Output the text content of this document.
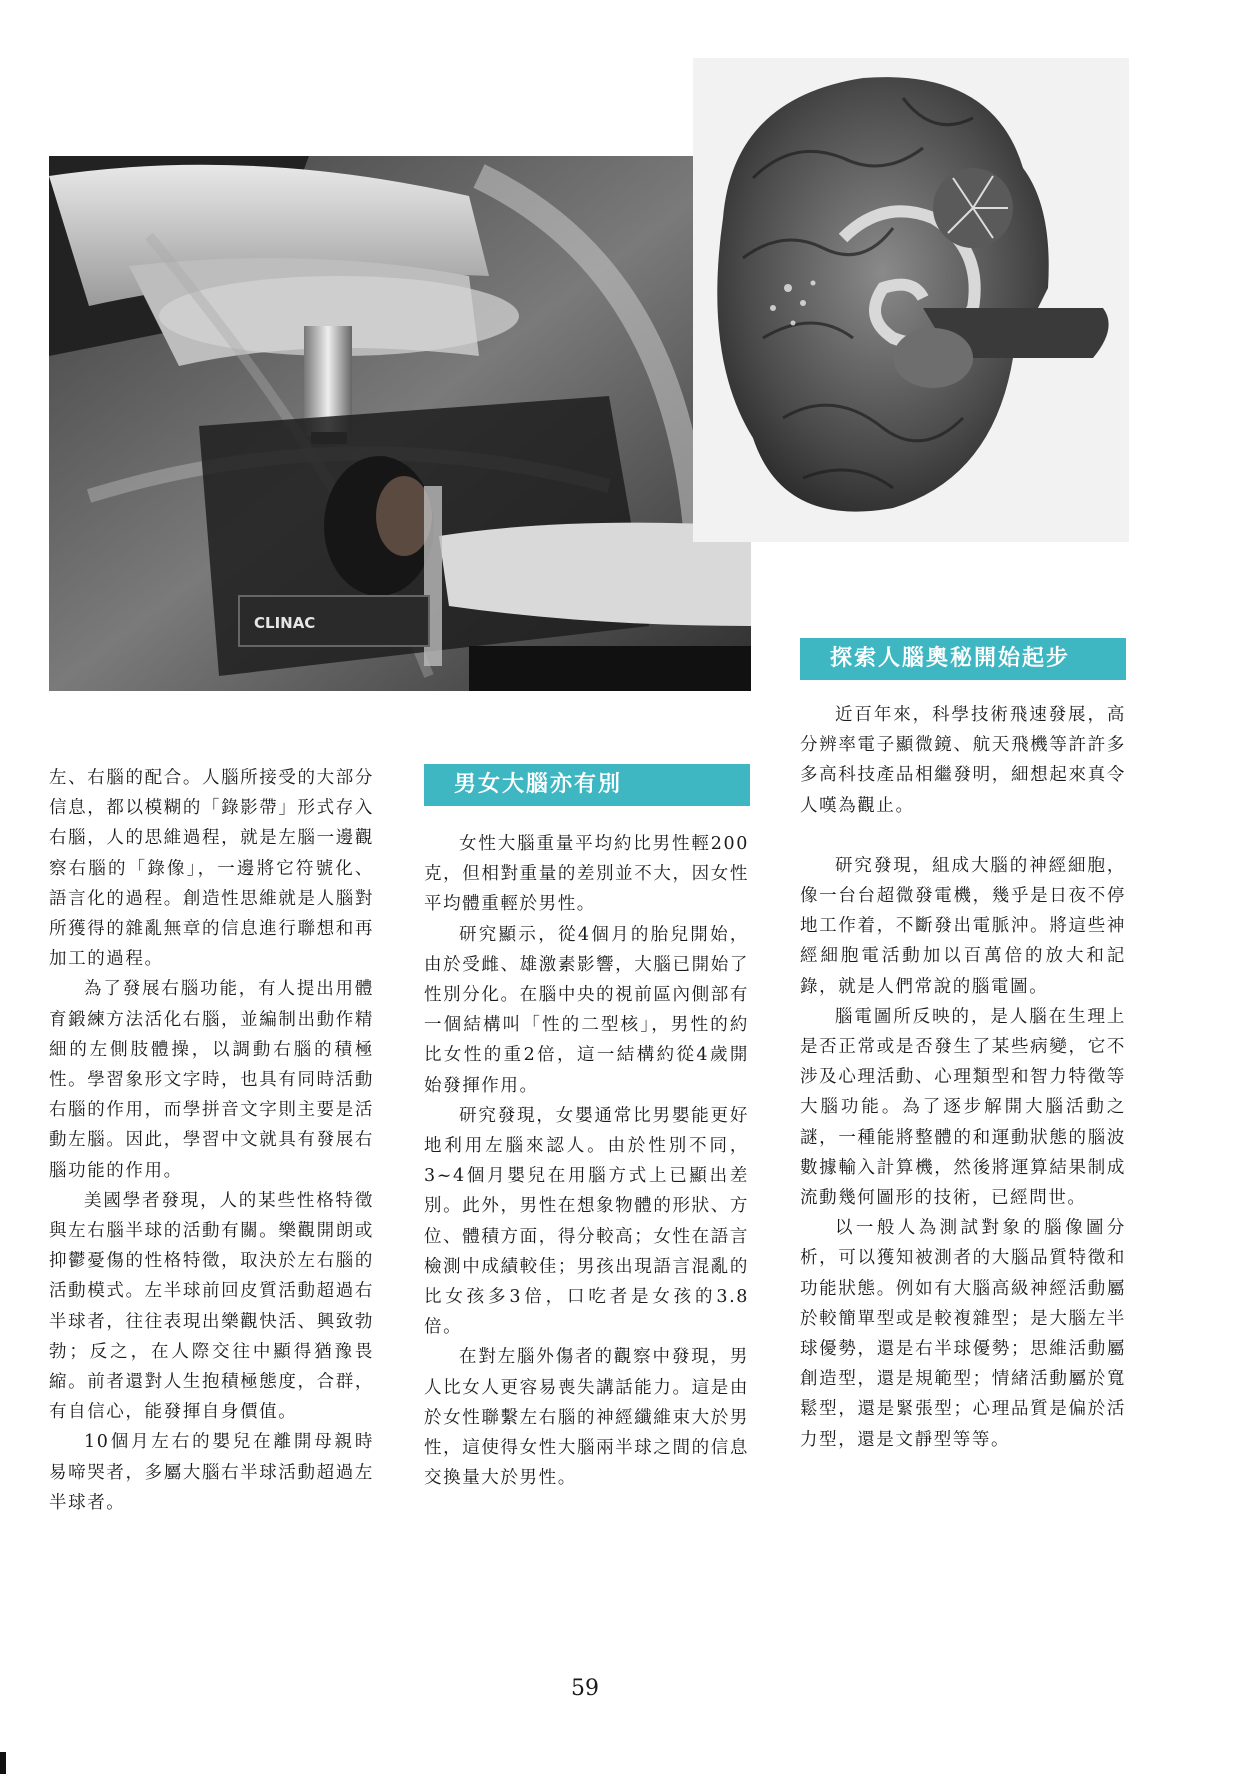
CLINAC

左、右腦的配合。人腦所接受的大部分信息，都以模糊的「錄影帶」形式存入右腦，人的思維過程，就是左腦一邊觀察右腦的「錄像」，一邊將它符號化、語言化的過程。創造性思維就是人腦對所獲得的雜亂無章的信息進行聯想和再加工的過程。

為了發展右腦功能，有人提出用體育鍛練方法活化右腦，並編制出動作精細的左側肢體操，以調動右腦的積極性。學習象形文字時，也具有同時活動右腦的作用，而學拼音文字則主要是活動左腦。因此，學習中文就具有發展右腦功能的作用。

美國學者發現，人的某些性格特徵與左右腦半球的活動有關。樂觀開朗或抑鬱憂傷的性格特徵，取決於左右腦的活動模式。左半球前回皮質活動超過右半球者，往往表現出樂觀快活、興致勃勃；反之，在人際交往中顯得猶豫畏縮。前者還對人生抱積極態度，合群，有自信心，能發揮自身價值。

10個月左右的嬰兒在離開母親時易啼哭者，多屬大腦右半球活動超過左半球者。

男女大腦亦有別

女性大腦重量平均約比男性輕200克，但相對重量的差別並不大，因女性平均體重輕於男性。

研究顯示，從4個月的胎兒開始，由於受雌、雄激素影響，大腦已開始了性別分化。在腦中央的視前區內側部有一個結構叫「性的二型核」，男性的約比女性的重2倍，這一結構約從4歲開始發揮作用。

研究發現，女嬰通常比男嬰能更好地利用左腦來認人。由於性別不同，3~4個月嬰兒在用腦方式上已顯出差別。此外，男性在想象物體的形狀、方位、體積方面，得分較高；女性在語言檢測中成績較佳；男孩出現語言混亂的比女孩多3倍，口吃者是女孩的3.8倍。

在對左腦外傷者的觀察中發現，男人比女人更容易喪失講話能力。這是由於女性聯繫左右腦的神經纖維束大於男性，這使得女性大腦兩半球之間的信息交換量大於男性。

探索人腦奧秘開始起步

近百年來，科學技術飛速發展，高分辨率電子顯微鏡、航天飛機等許許多多高科技產品相繼發明，細想起來真令人嘆為觀止。

研究發現，組成大腦的神經細胞，像一台台超微發電機，幾乎是日夜不停地工作着，不斷發出電脈沖。將這些神經細胞電活動加以百萬倍的放大和記錄，就是人們常說的腦電圖。

腦電圖所反映的，是人腦在生理上是否正常或是否發生了某些病變，它不涉及心理活動、心理類型和智力特徵等大腦功能。為了逐步解開大腦活動之謎，一種能將整體的和運動狀態的腦波數據輸入計算機，然後將運算結果制成流動幾何圖形的技術，已經問世。

以一般人為測試對象的腦像圖分析，可以獲知被測者的大腦品質特徵和功能狀態。例如有大腦高級神經活動屬於較簡單型或是較複雜型；是大腦左半球優勢，還是右半球優勢；思維活動屬創造型，還是規範型；情緒活動屬於寬鬆型，還是緊張型；心理品質是偏於活力型，還是文靜型等等。

59
